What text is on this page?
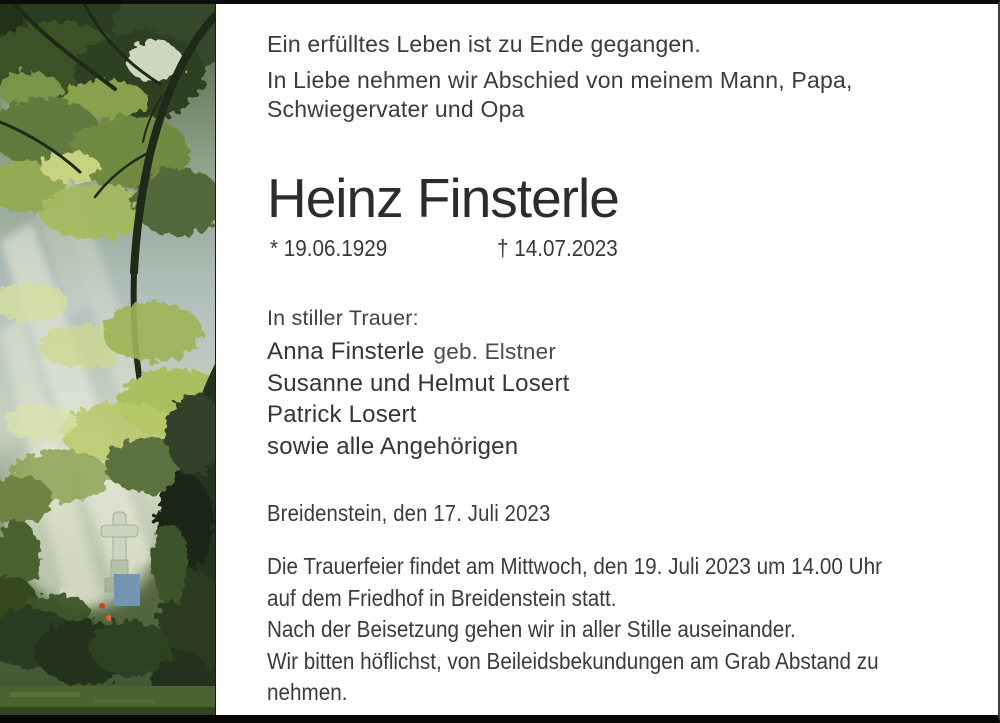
Ein erfülltes Leben ist zu Ende gegangen.
In Liebe nehmen wir Abschied von meinem Mann, Papa,
Schwiegervater und Opa
Heinz Finsterle
* 19.06.1929	† 14.07.2023
In stiller Trauer:
Anna Finsterle geb. Elstner
Susanne und Helmut Losert
Patrick Losert
sowie alle Angehörigen
Breidenstein, den 17. Juli 2023
Die Trauerfeier findet am Mittwoch, den 19. Juli 2023 um 14.00 Uhr
auf dem Friedhof in Breidenstein statt.
Nach der Beisetzung gehen wir in aller Stille auseinander.
Wir bitten höflichst, von Beileidsbekundungen am Grab Abstand zu
nehmen.
